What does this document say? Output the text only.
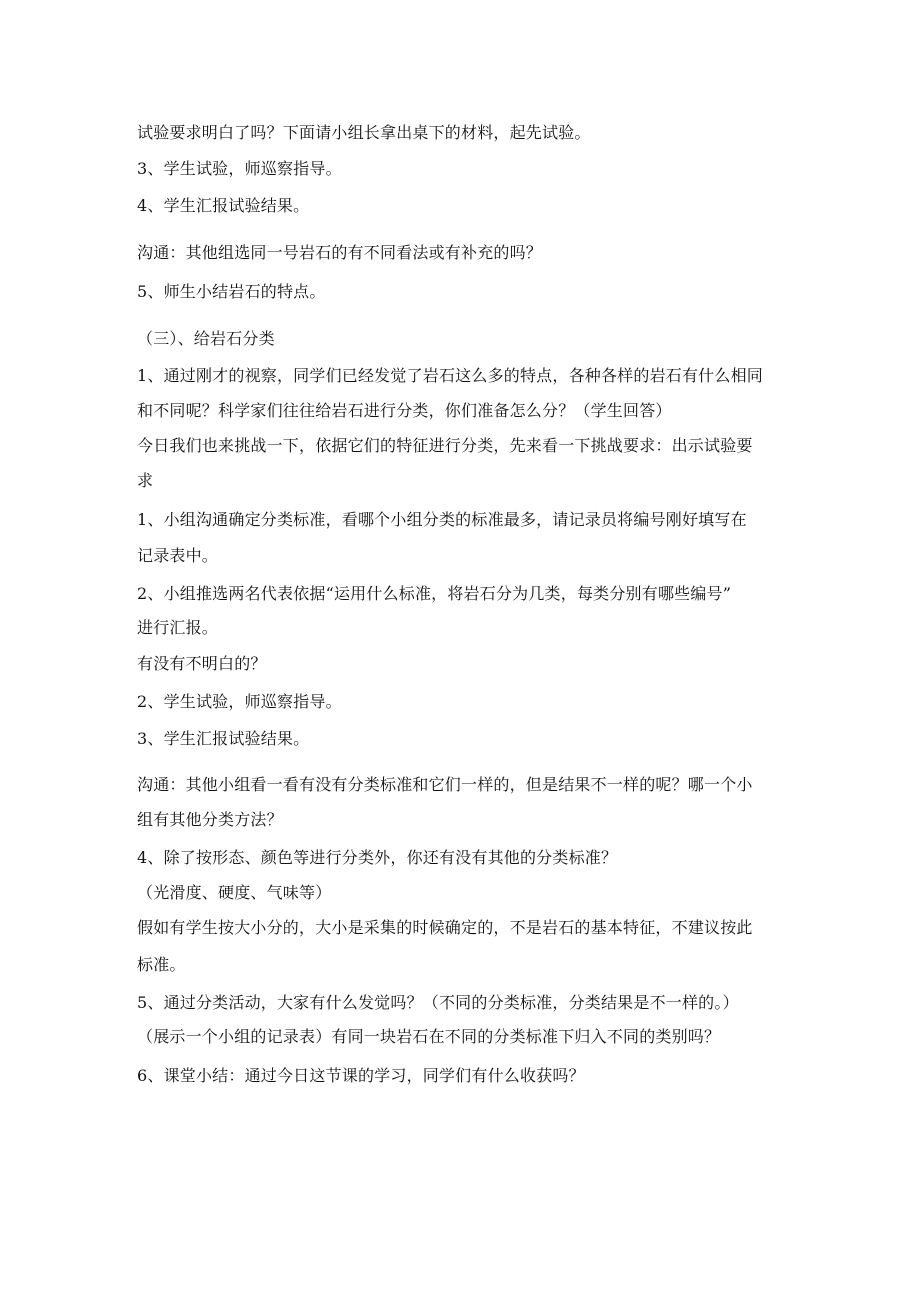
试验要求明白了吗？下面请小组长拿出桌下的材料，起先试验。
3、学生试验，师巡察指导。
4、学生汇报试验结果。
沟通：其他组选同一号岩石的有不同看法或有补充的吗？
5、师生小结岩石的特点。
（三）、给岩石分类
1、通过刚才的视察，同学们已经发觉了岩石这么多的特点，各种各样的岩石有什么相同
和不同呢？科学家们往往给岩石进行分类，你们准备怎么分？（学生回答）
今日我们也来挑战一下，依据它们的特征进行分类，先来看一下挑战要求：出示试验要
求
1、小组沟通确定分类标准，看哪个小组分类的标准最多，请记录员将编号刚好填写在
记录表中。
2、小组推选两名代表依据“运用什么标准，将岩石分为几类，每类分别有哪些编号”
进行汇报。
有没有不明白的？
2、学生试验，师巡察指导。
3、学生汇报试验结果。
沟通：其他小组看一看有没有分类标准和它们一样的，但是结果不一样的呢？哪一个小
组有其他分类方法？
4、除了按形态、颜色等进行分类外，你还有没有其他的分类标准？
（光滑度、硬度、气味等）
假如有学生按大小分的，大小是采集的时候确定的，不是岩石的基本特征，不建议按此
标准。
5、通过分类活动，大家有什么发觉吗？（不同的分类标准，分类结果是不一样的。）
（展示一个小组的记录表）有同一块岩石在不同的分类标准下归入不同的类别吗？
6、课堂小结：通过今日这节课的学习，同学们有什么收获吗？
